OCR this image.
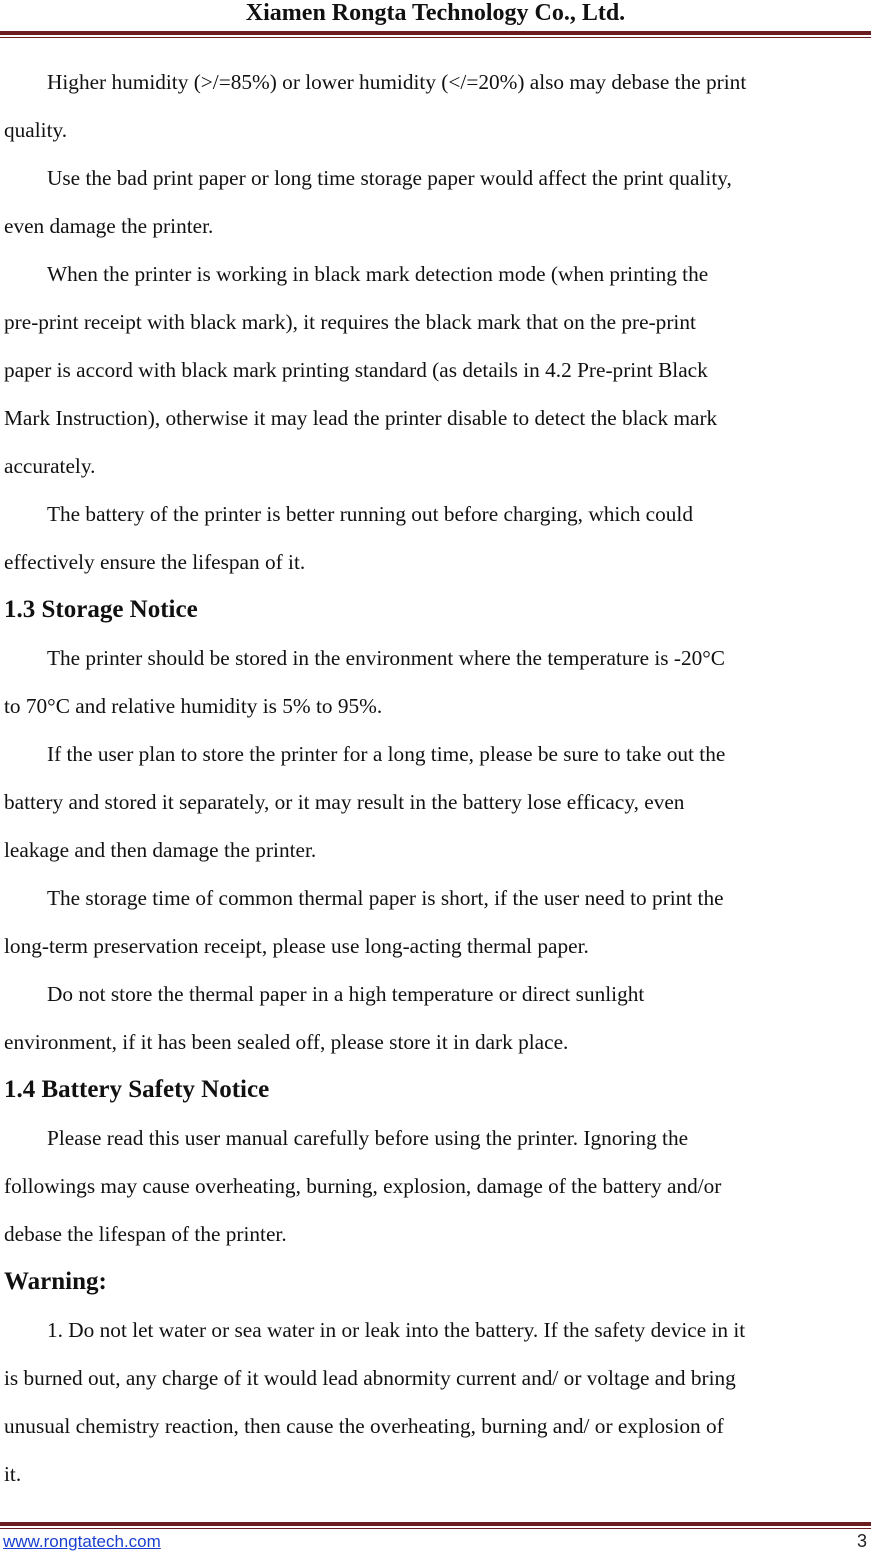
Xiamen Rongta Technology Co., Ltd.

Higher humidity (>/=85%) or lower humidity (</=20%) also may debase the print

quality.

Use the bad print paper or long time storage paper would affect the print quality,

even damage the printer.

When the printer is working in black mark detection mode (when printing the

pre-print receipt with black mark), it requires the black mark that on the pre-print

paper is accord with black mark printing standard (as details in 4.2 Pre-print Black

Mark Instruction), otherwise it may lead the printer disable to detect the black mark

accurately.

The battery of the printer is better running out before charging, which could

effectively ensure the lifespan of it.

1.3 Storage Notice

The printer should be stored in the environment where the temperature is -20°C

to 70°C and relative humidity is 5% to 95%.

If the user plan to store the printer for a long time, please be sure to take out the

battery and stored it separately, or it may result in the battery lose efficacy, even

leakage and then damage the printer.

The storage time of common thermal paper is short, if the user need to print the

long-term preservation receipt, please use long-acting thermal paper.

Do not store the thermal paper in a high temperature or direct sunlight

environment, if it has been sealed off, please store it in dark place.

1.4 Battery Safety Notice

Please read this user manual carefully before using the printer. Ignoring the

followings may cause overheating, burning, explosion, damage of the battery and/or

debase the lifespan of the printer.

Warning:

1. Do not let water or sea water in or leak into the battery. If the safety device in it

is burned out, any charge of it would lead abnormity current and/ or voltage and bring

unusual chemistry reaction, then cause the overheating, burning and/ or explosion of

it.

www.rongtatech.com	3
